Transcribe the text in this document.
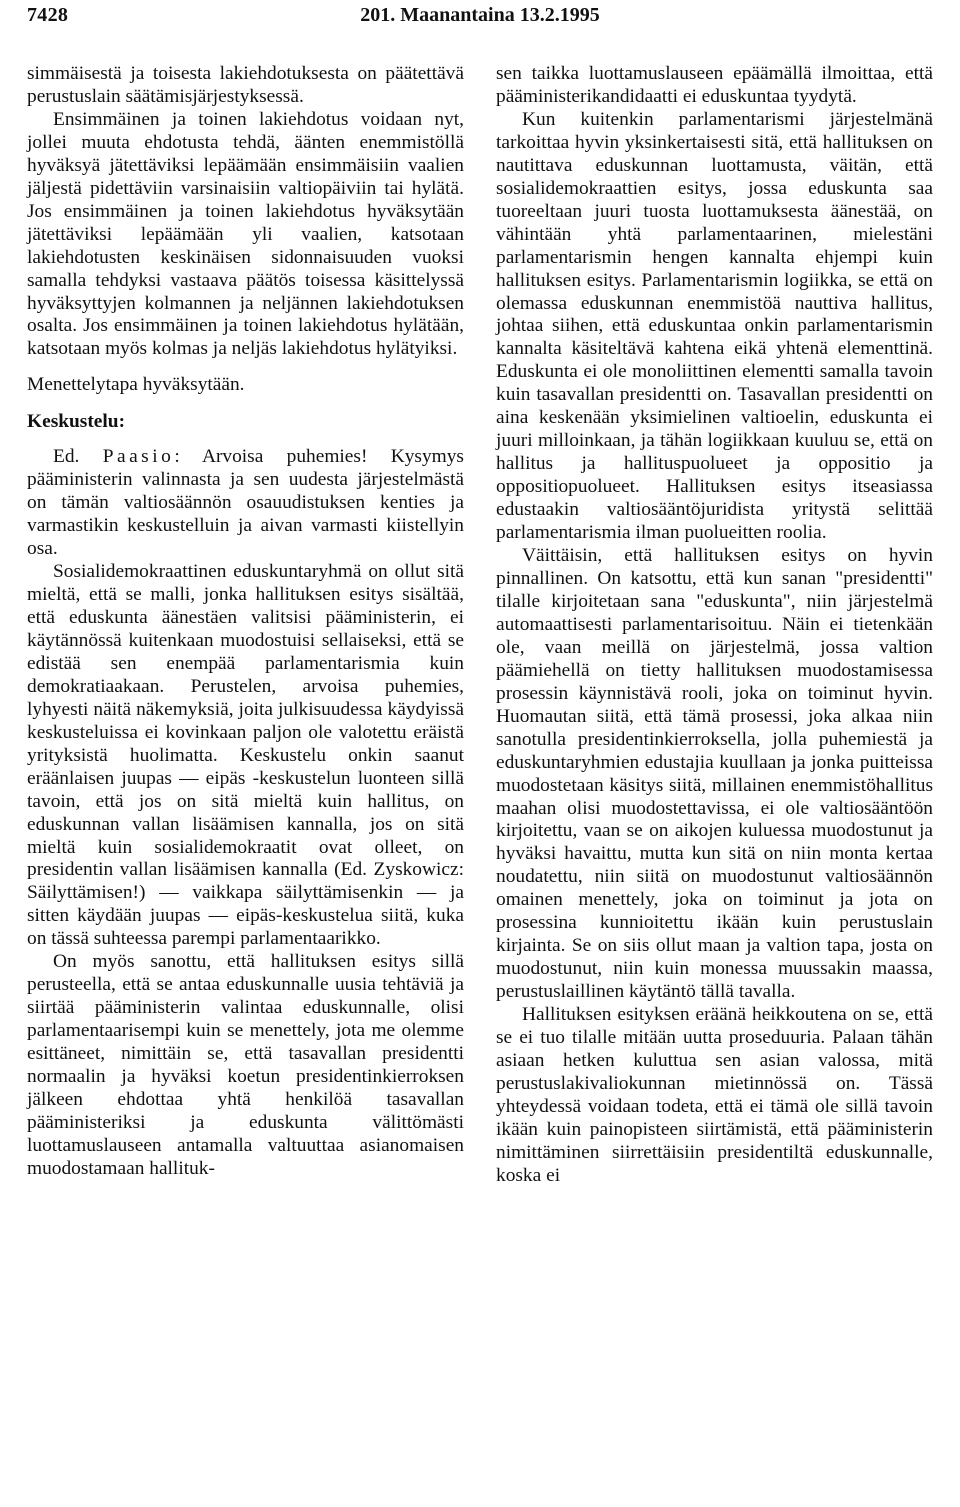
7428	201. Maanantaina 13.2.1995

simmäisestä ja toisesta lakiehdotuksesta on päätettävä perustuslain säätämisjärjestyksessä.

Ensimmäinen ja toinen lakiehdotus voidaan nyt, jollei muuta ehdotusta tehdä, äänten enemmistöllä hyväksyä jätettäviksi lepäämään ensimmäisiin vaalien jäljestä pidettäviin varsinaisiin valtiopäiviin tai hylätä. Jos ensimmäinen ja toinen lakiehdotus hyväksytään jätettäviksi lepäämään yli vaalien, katsotaan lakiehdotusten keskinäisen sidonnaisuuden vuoksi samalla tehdyksi vastaava päätös toisessa käsittelyssä hyväksyttyjen kolmannen ja neljännen lakiehdotuksen osalta. Jos ensimmäinen ja toinen lakiehdotus hylätään, katsotaan myös kolmas ja neljäs lakiehdotus hylätyiksi.

Menettelytapa hyväksytään.

Keskustelu:

Ed. Paasio: Arvoisa puhemies! Kysymys pääministerin valinnasta ja sen uudesta järjestelmästä on tämän valtiosäännön osauudistuksen kenties ja varmastikin keskustelluin ja aivan varmasti kiistellyin osa.

Sosialidemokraattinen eduskuntaryhmä on ollut sitä mieltä, että se malli, jonka hallituksen esitys sisältää, että eduskunta äänestäen valitsisi pääministerin, ei käytännössä kuitenkaan muodostuisi sellaiseksi, että se edistää sen enempää parlamentarismia kuin demokratiaakaan. Perustelen, arvoisa puhemies, lyhyesti näitä näkemyksiä, joita julkisuudessa käydyissä keskusteluissa ei kovinkaan paljon ole valotettu eräistä yrityksistä huolimatta. Keskustelu onkin saanut eräänlaisen juupas — eipäs -keskustelun luonteen sillä tavoin, että jos on sitä mieltä kuin hallitus, on eduskunnan vallan lisäämisen kannalla, jos on sitä mieltä kuin sosialidemokraatit ovat olleet, on presidentin vallan lisäämisen kannalla (Ed. Zyskowicz: Säilyttämisen!) — vaikkapa säilyttämisenkin — ja sitten käydään juupas — eipäs-keskustelua siitä, kuka on tässä suhteessa parempi parlamentaarikko.

On myös sanottu, että hallituksen esitys sillä perusteella, että se antaa eduskunnalle uusia tehtäviä ja siirtää pääministerin valintaa eduskunnalle, olisi parlamentaarisempi kuin se menettely, jota me olemme esittäneet, nimittäin se, että tasavallan presidentti normaalin ja hyväksi koetun presidentinkierroksen jälkeen ehdottaa yhtä henkilöä tasavallan pääministeriksi ja eduskunta välittömästi luottamuslauseen antamalla valtuuttaa asianomaisen muodostamaan hallituk-

sen taikka luottamuslauseen epäämällä ilmoittaa, että pääministerikandidaatti ei eduskuntaa tyydytä.

Kun kuitenkin parlamentarismi järjestelmänä tarkoittaa hyvin yksinkertaisesti sitä, että hallituksen on nautittava eduskunnan luottamusta, väitän, että sosialidemokraattien esitys, jossa eduskunta saa tuoreeltaan juuri tuosta luottamuksesta äänestää, on vähintään yhtä parlamentaarinen, mielestäni parlamentarismin hengen kannalta ehjempi kuin hallituksen esitys. Parlamentarismin logiikka, se että on olemassa eduskunnan enemmistöä nauttiva hallitus, johtaa siihen, että eduskuntaa onkin parlamentarismin kannalta käsiteltävä kahtena eikä yhtenä elementtinä. Eduskunta ei ole monoliittinen elementti samalla tavoin kuin tasavallan presidentti on. Tasavallan presidentti on aina keskenään yksimielinen valtioelin, eduskunta ei juuri milloinkaan, ja tähän logiikkaan kuuluu se, että on hallitus ja hallituspuolueet ja oppositio ja oppositiopuolueet. Hallituksen esitys itseasiassa edustaakin valtiosääntöjuridista yritystä selittää parlamentarismia ilman puolueitten roolia.

Väittäisin, että hallituksen esitys on hyvin pinnallinen. On katsottu, että kun sanan "presidentti" tilalle kirjoitetaan sana "eduskunta", niin järjestelmä automaattisesti parlamentarisoituu. Näin ei tietenkään ole, vaan meillä on järjestelmä, jossa valtion päämiehellä on tietty hallituksen muodostamisessa prosessin käynnistävä rooli, joka on toiminut hyvin. Huomautan siitä, että tämä prosessi, joka alkaa niin sanotulla presidentinkierroksella, jolla puhemiestä ja eduskuntaryhmien edustajia kuullaan ja jonka puitteissa muodostetaan käsitys siitä, millainen enemmistöhallitus maahan olisi muodostettavissa, ei ole valtiosääntöön kirjoitettu, vaan se on aikojen kuluessa muodostunut ja hyväksi havaittu, mutta kun sitä on niin monta kertaa noudatettu, niin siitä on muodostunut valtiosäännön omainen menettely, joka on toiminut ja jota on prosessina kunnioitettu ikään kuin perustuslain kirjainta. Se on siis ollut maan ja valtion tapa, josta on muodostunut, niin kuin monessa muussakin maassa, perustuslaillinen käytäntö tällä tavalla.

Hallituksen esityksen eräänä heikkoutena on se, että se ei tuo tilalle mitään uutta proseduuria. Palaan tähän asiaan hetken kuluttua sen asian valossa, mitä perustuslakivaliokunnan mietinnössä on. Tässä yhteydessä voidaan todeta, että ei tämä ole sillä tavoin ikään kuin painopisteen siirtämistä, että pääministerin nimittäminen siirrettäisiin presidentiltä eduskunnalle, koska ei
